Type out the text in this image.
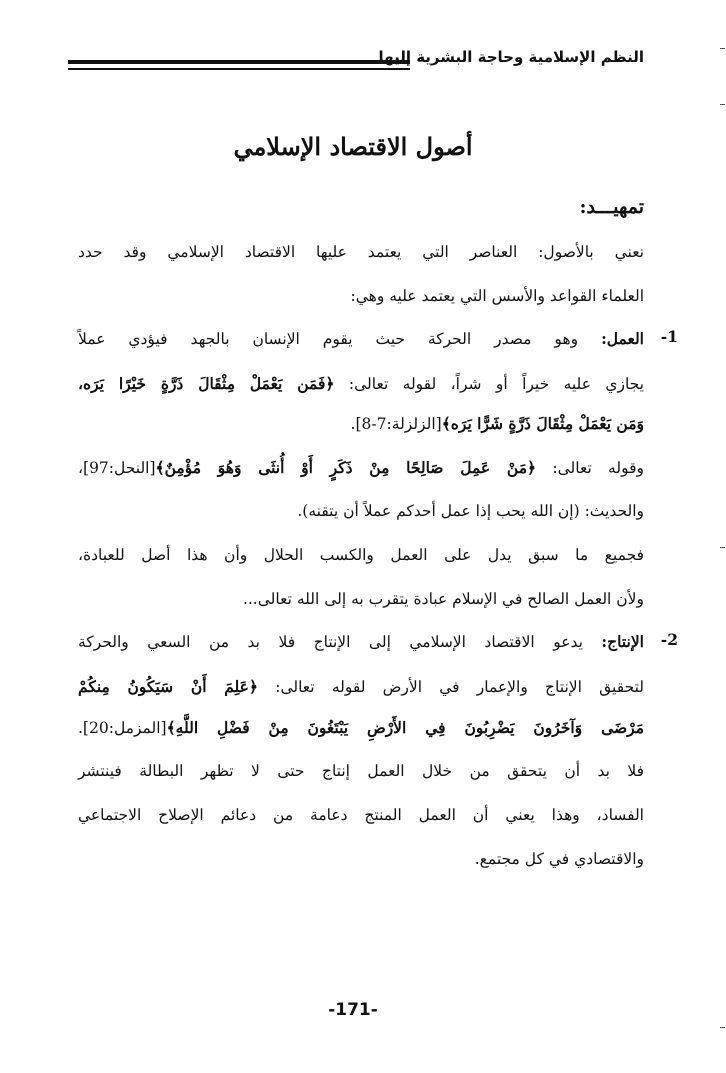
النظم الإسلامية وحاجة البشرية إليها
أصول الاقتصاد الإسلامي
تمهيـــد:
نعني بالأصول: العناصر التي يعتمد عليها الاقتصاد الإسلامي وقد حدد
العلماء القواعد والأسس التي يعتمد عليه وهي:
1-
العمل: وهو مصدر الحركة حيث يقوم الإنسان بالجهد فيؤدي عملاً
يجازي عليه خيراً أو شراً، لقوله تعالى: ﴿فَمَن يَعْمَلْ مِثْقَالَ ذَرَّةٍ خَيْرًا يَرَه،
وَمَن يَعْمَلْ مِثْقَالَ ذَرَّةٍ شَرًّا يَرَه﴾[الزلزلة:7-8].
وقوله تعالى: ﴿مَنْ عَمِلَ صَالِحًا مِنْ ذَكَرٍ أَوْ أُنثَى وَهُوَ مُؤْمِنٌ﴾[النحل:97]،
والحديث: (إن الله يحب إذا عمل أحدكم عملاً أن يتقنه).
فجميع ما سبق يدل على العمل والكسب الحلال وأن هذا أصل للعبادة،
ولأن العمل الصالح في الإسلام عبادة يتقرب به إلى الله تعالى...
2-
الإنتاج: يدعو الاقتصاد الإسلامي إلى الإنتاج فلا بد من السعي والحركة
لتحقيق الإنتاج والإعمار في الأرض لقوله تعالى: ﴿عَلِمَ أَنْ سَيَكُونُ مِنكُمْ
مَرْضَى وَآخَرُونَ يَضْرِبُونَ فِي الأَرْضِ يَبْتَغُونَ مِنْ فَضْلِ اللَّهِ﴾[المزمل:20].
فلا بد أن يتحقق من خلال العمل إنتاج حتى لا تظهر البطالة فينتشر
الفساد، وهذا يعني أن العمل المنتج دعامة من دعائم الإصلاح الاجتماعي
والاقتصادي في كل مجتمع.
-171-
